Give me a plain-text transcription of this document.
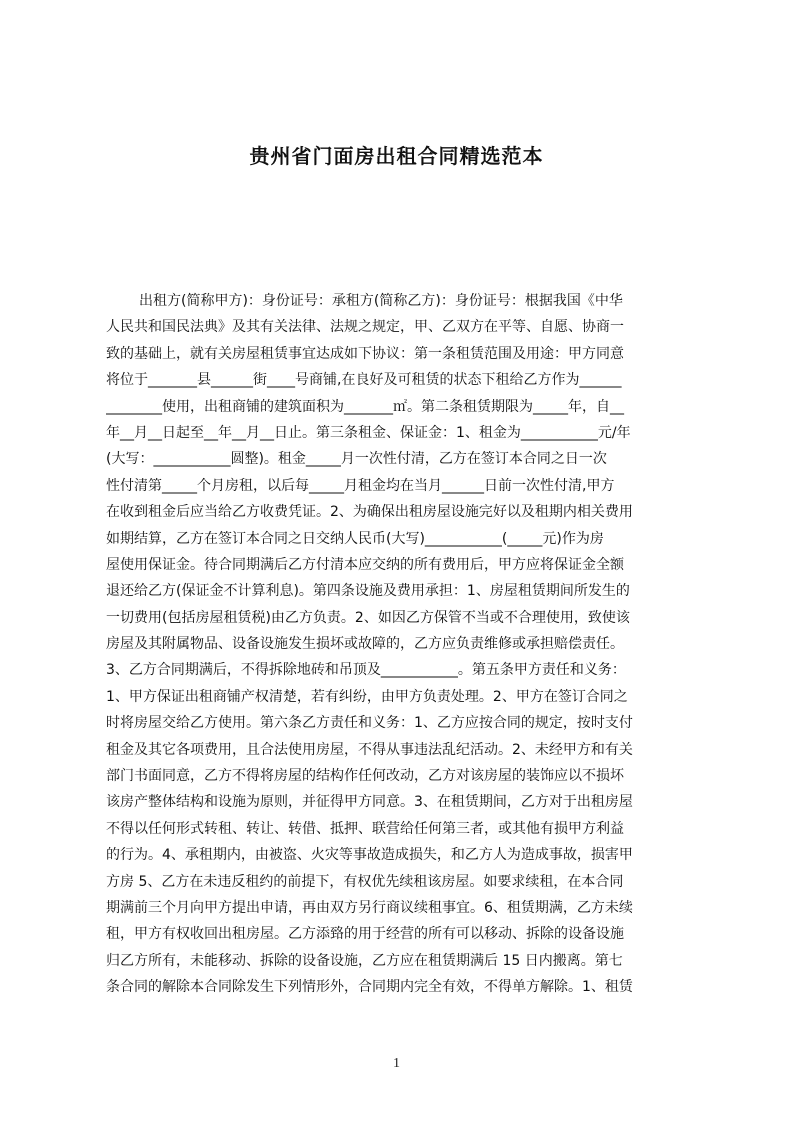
贵州省门面房出租合同精选范本
出租方(简称甲方)：身份证号：承租方(简称乙方)：身份证号：根据我国《中华
人民共和国民法典》及其有关法律、法规之规定，甲、乙双方在平等、自愿、协商一
致的基础上，就有关房屋租赁事宜达成如下协议：第一条租赁范围及用途：甲方同意
将位于_______县______街____号商铺,在良好及可租赁的状态下租给乙方作为______
________使用，出租商铺的建筑面积为_______㎡。第二条租赁期限为_____年，自__
年__月__日起至__年__月__日止。第三条租金、保证金：1、租金为___________元/年
(大写：___________圆整)。租金_____月一次性付清，乙方在签订本合同之日一次
性付清第_____个月房租，以后每_____月租金均在当月______日前一次性付清,甲方
在收到租金后应当给乙方收费凭证。2、为确保出租房屋设施完好以及租期内相关费用
如期结算，乙方在签订本合同之日交纳人民币(大写)___________(_____元)作为房
屋使用保证金。待合同期满后乙方付清本应交纳的所有费用后，甲方应将保证金全额
退还给乙方(保证金不计算利息)。第四条设施及费用承担：1、房屋租赁期间所发生的
一切费用(包括房屋租赁税)由乙方负责。2、如因乙方保管不当或不合理使用，致使该
房屋及其附属物品、设备设施发生损坏或故障的，乙方应负责维修或承担赔偿责任。
3、乙方合同期满后，不得拆除地砖和吊顶及___________。第五条甲方责任和义务：
1、甲方保证出租商铺产权清楚，若有纠纷，由甲方负责处理。2、甲方在签订合同之
时将房屋交给乙方使用。第六条乙方责任和义务：1、乙方应按合同的规定，按时支付
租金及其它各项费用，且合法使用房屋，不得从事违法乱纪活动。2、未经甲方和有关
部门书面同意，乙方不得将房屋的结构作任何改动，乙方对该房屋的装饰应以不损坏
该房产整体结构和设施为原则，并征得甲方同意。3、在租赁期间，乙方对于出租房屋
不得以任何形式转租、转让、转借、抵押、联营给任何第三者，或其他有损甲方利益
的行为。4、承租期内，由被盗、火灾等事故造成损失，和乙方人为造成事故，损害甲
方房 5、乙方在未违反租约的前提下，有权优先续租该房屋。如要求续租，在本合同
期满前三个月向甲方提出申请，再由双方另行商议续租事宜。6、租赁期满，乙方未续
租，甲方有权收回出租房屋。乙方添臵的用于经营的所有可以移动、拆除的设备设施
归乙方所有，未能移动、拆除的设备设施，乙方应在租赁期满后 15 日内搬离。第七
条合同的解除本合同除发生下列情形外，合同期内完全有效，不得单方解除。1、租赁
1
